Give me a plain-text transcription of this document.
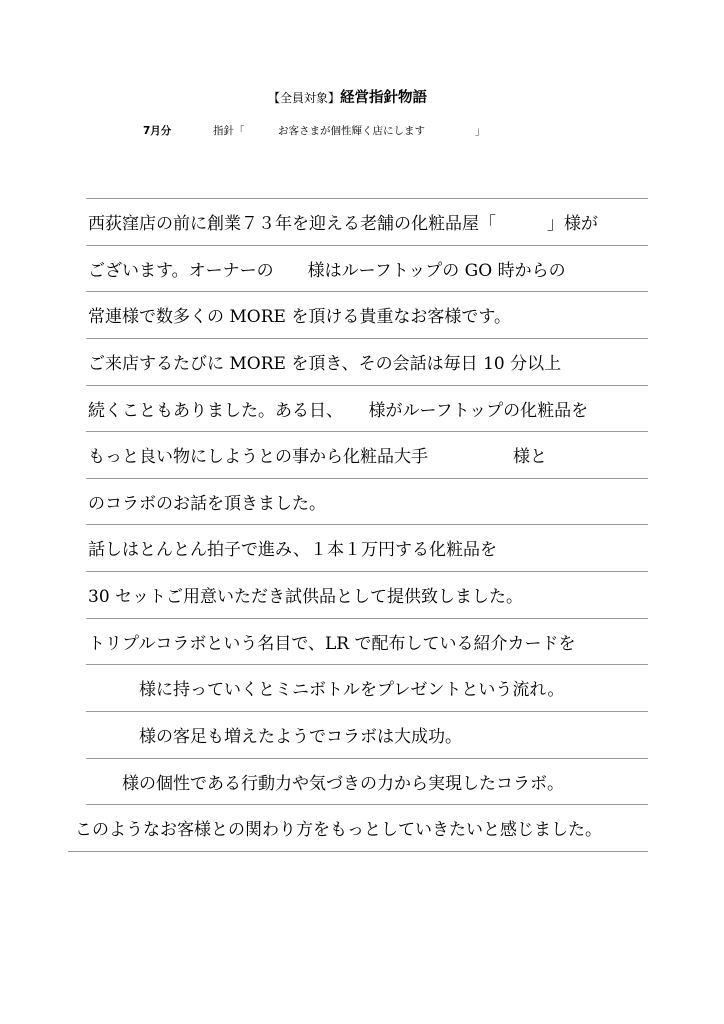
【全員対象】経営指針物語
7月分	指針「	お客さまが個性輝く店にします	」
西荻窪店の前に創業７３年を迎える老舗の化粧品屋「　　　」様が
ございます。オーナーの　　様はルーフトップの GO 時からの
常連様で数多くの MORE を頂ける貴重なお客様です。
ご来店するたびに MORE を頂き、その会話は毎日 10 分以上
続くこともありました。ある日、　　様がルーフトップの化粧品を
もっと良い物にしようとの事から化粧品大手　　　　　様と
のコラボのお話を頂きました。
話しはとんとん拍子で進み、１本１万円する化粧品を
30 セットご用意いただき試供品として提供致しました。
トリプルコラボという名目で、LR で配布している紹介カードを
　　　様に持っていくとミニボトルをプレゼントという流れ。
　　　様の客足も増えたようでコラボは大成功。
　　様の個性である行動力や気づきの力から実現したコラボ。
このようなお客様との関わり方をもっとしていきたいと感じました。
